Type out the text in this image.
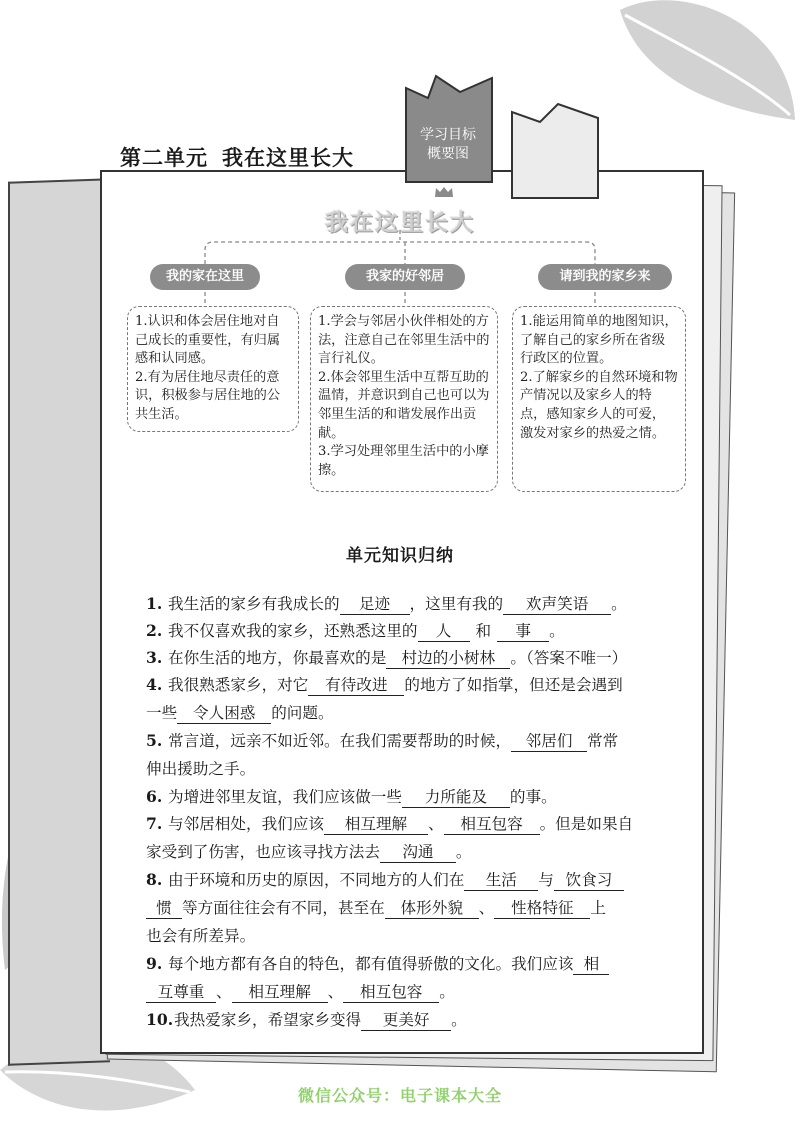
学习目标
概要图
第二单元 我在这里长大
我在这里长大
我的家在这里	我家的好邻居	请到我的家乡来

1.认识和体会居住地对自己成长的重要性，有归属感和认同感。

2.有为居住地尽责任的意识，积极参与居住地的公共生活。

1.学会与邻居小伙伴相处的方法，注意自己在邻里生活中的言行礼仪。

2.体会邻里生活中互帮互助的温情，并意识到自己也可以为邻里生活的和谐发展作出贡献。

3.学习处理邻里生活中的小摩擦。

1.能运用简单的地图知识，了解自己的家乡所在省级行政区的位置。

2.了解家乡的自然环境和物产情况以及家乡人的特点，感知家乡人的可爱，激发对家乡的热爱之情。

单元知识归纳
1. 我生活的家乡有我成长的 足迹 ，这里有我的 欢声笑语 。
2. 我不仅喜欢我的家乡，还熟悉这里的 人 和 事 。
3. 在你生活的地方，你最喜欢的是 村边的小树林 。（答案不唯一）
4. 我很熟悉家乡，对它 有待改进 的地方了如指掌，但还是会遇到
一些 令人困惑 的问题。
5. 常言道，远亲不如近邻。在我们需要帮助的时候， 邻居们 常常
伸出援助之手。
6. 为增进邻里友谊，我们应该做一些 力所能及 的事。
7. 与邻居相处，我们应该 相互理解 、 相互包容 。但是如果自
家受到了伤害，也应该寻找方法去 沟通 。
8. 由于环境和历史的原因，不同地方的人们在 生活 与 饮食习
惯 等方面往往会有不同，甚至在 体形外貌 、 性格特征 上
也会有所差异。
9. 每个地方都有各自的特色，都有值得骄傲的文化。我们应该 相
互尊重 、 相互理解 、 相互包容 。
10.我热爱家乡，希望家乡变得 更美好 。
微信公众号：电子课本大全
